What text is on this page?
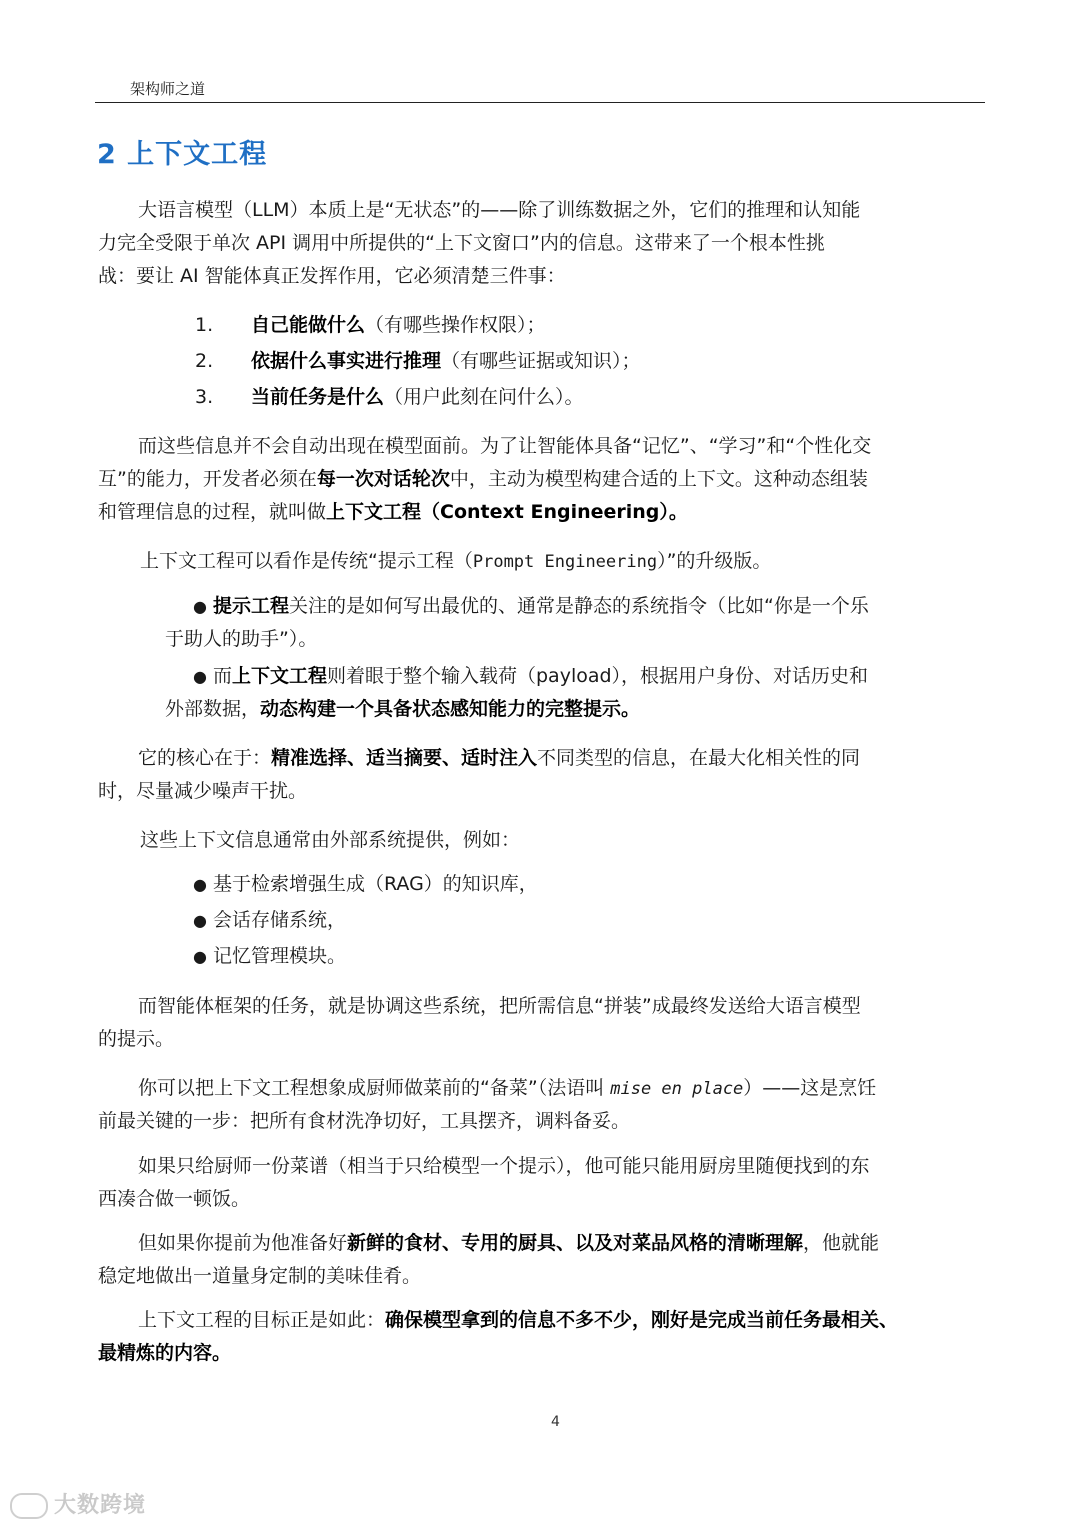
架构师之道
2 上下文工程

大语言模型（LLM）本质上是“无状态”的——除了训练数据之外，它们的推理和认知能

力完全受限于单次 API 调用中所提供的“上下文窗口”内的信息。这带来了一个根本性挑

战：要让 AI 智能体真正发挥作用，它必须清楚三件事：

1. 自己能做什么（有哪些操作权限）；
2. 依据什么事实进行推理（有哪些证据或知识）；
3. 当前任务是什么（用户此刻在问什么）。

而这些信息并不会自动出现在模型面前。为了让智能体具备“记忆”、“学习”和“个性化交

互”的能力，开发者必须在每一次对话轮次中，主动为模型构建合适的上下文。这种动态组装

和管理信息的过程，就叫做上下文工程（Context Engineering）。

上下文工程可以看作是传统“提示工程（Prompt Engineering）”的升级版。

● 提示工程关注的是如何写出最优的、通常是静态的系统指令（比如“你是一个乐

于助人的助手”）。

● 而上下文工程则着眼于整个输入载荷（payload），根据用户身份、对话历史和

外部数据，动态构建一个具备状态感知能力的完整提示。

它的核心在于：精准选择、适当摘要、适时注入不同类型的信息，在最大化相关性的同

时，尽量减少噪声干扰。

这些上下文信息通常由外部系统提供，例如：

● 基于检索增强生成（RAG）的知识库，
● 会话存储系统，
● 记忆管理模块。

而智能体框架的任务，就是协调这些系统，把所需信息“拼装”成最终发送给大语言模型

的提示。

你可以把上下文工程想象成厨师做菜前的“备菜”（法语叫 mise en place）——这是烹饪

前最关键的一步：把所有食材洗净切好，工具摆齐，调料备妥。

如果只给厨师一份菜谱（相当于只给模型一个提示），他可能只能用厨房里随便找到的东

西凑合做一顿饭。

但如果你提前为他准备好新鲜的食材、专用的厨具、以及对菜品风格的清晰理解，他就能

稳定地做出一道量身定制的美味佳肴。

上下文工程的目标正是如此：确保模型拿到的信息不多不少，刚好是完成当前任务最相关、

最精炼的内容。

4
大数跨境
